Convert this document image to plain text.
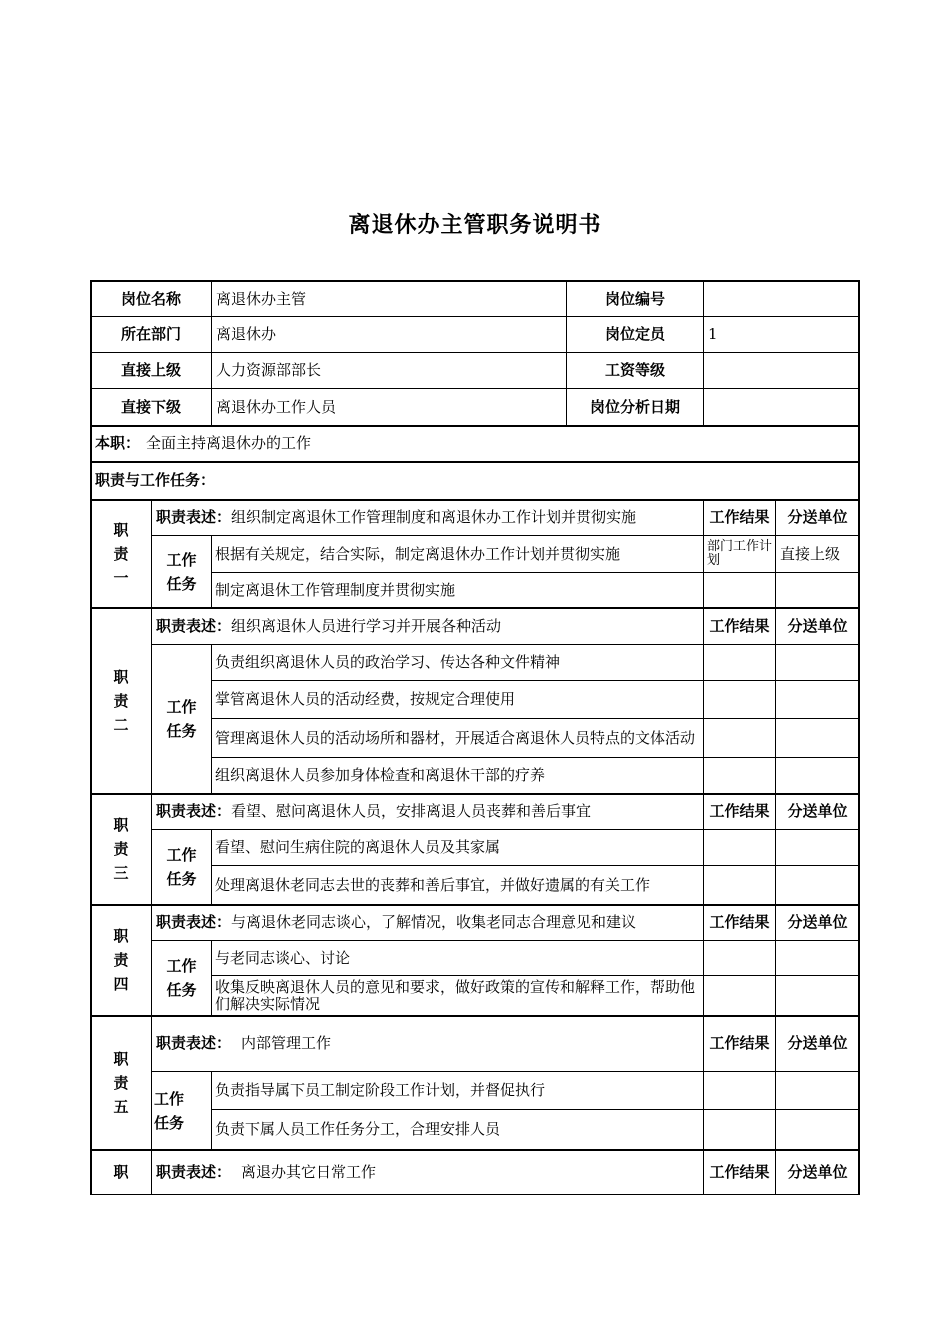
离退休办主管职务说明书
岗位名称 离退休办主管	岗位编号
所在部门 离退休办	岗位定员	1
直接上级 人力资源部部长	工资等级
直接下级 离退休办工作人员	岗位分析日期
本职： 全面主持离退休办的工作
职责与工作任务：
职
责
一
职责表述： 组织制定离退休工作管理制度和离退休办工作计划并贯彻实施	工作结果 分送单位
工作
任务
根据有关规定，结合实际，制定离退休办工作计划并贯彻实施	部门工作计划	直接上级
制定离退休工作管理制度并贯彻实施
职
责
二
职责表述： 组织离退休人员进行学习并开展各种活动	工作结果 分送单位
工作
任务
负责组织离退休人员的政治学习、传达各种文件精神
掌管离退休人员的活动经费，按规定合理使用
管理离退休人员的活动场所和器材，开展适合离退休人员特点的文体活动
组织离退休人员参加身体检查和离退休干部的疗养
职
责
三
职责表述： 看望、慰问离退休人员，安排离退人员丧葬和善后事宜	工作结果 分送单位
工作
任务
看望、慰问生病住院的离退休人员及其家属
处理离退休老同志去世的丧葬和善后事宜，并做好遗属的有关工作
职
责
四
职责表述： 与离退休老同志谈心，了解情况，收集老同志合理意见和建议	工作结果 分送单位
工作
任务
与老同志谈心、讨论
收集反映离退休人员的意见和要求，做好政策的宣传和解释工作，帮助他们解决实际情况
职
责
五
职责表述： 内部管理工作	工作结果 分送单位
工作
任务
负责指导属下员工制定阶段工作计划，并督促执行
负责下属人员工作任务分工，合理安排人员
职 职责表述： 离退办其它日常工作	工作结果 分送单位
